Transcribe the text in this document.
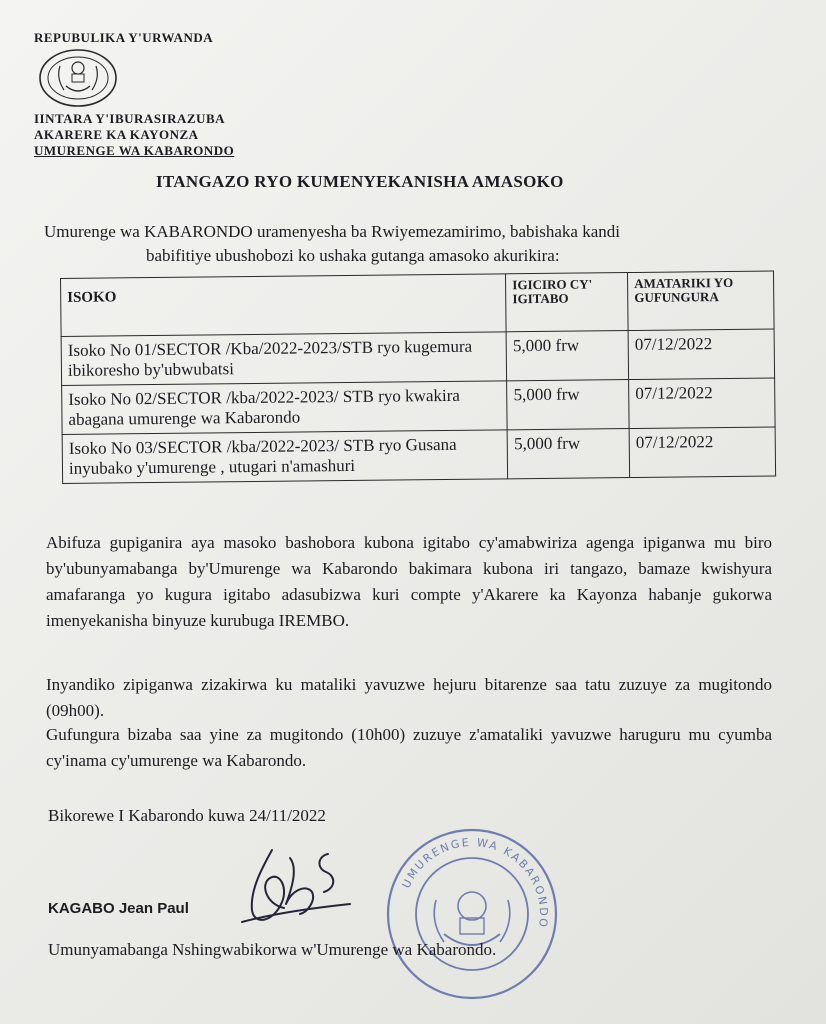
REPUBULIKA Y'URWANDA
IINTARA Y'IBURASIRAZUBA
AKARERE KA KAYONZA
UMURENGE WA KABARONDO
ITANGAZO RYO KUMENYEKANISHA AMASOKO
Umurenge wa KABARONDO uramenyesha ba Rwiyemezamirimo, babishaka kandi
babifitiye ubushobozi ko ushaka gutanga amasoko akurikira:
ISOKO	IGICIRO CY' IGITABO	AMATARIKI YO GUFUNGURA
Isoko No 01/SECTOR /Kba/2022-2023/STB ryo kugemura ibikoresho by'ubwubatsi	5,000 frw	07/12/2022
Isoko No 02/SECTOR /kba/2022-2023/ STB ryo kwakira abagana umurenge wa Kabarondo	5,000 frw	07/12/2022
Isoko No 03/SECTOR /kba/2022-2023/ STB ryo Gusana inyubako y'umurenge , utugari n'amashuri	5,000 frw	07/12/2022
Abifuza gupiganira aya masoko bashobora kubona igitabo cy'amabwiriza agenga ipiganwa mu biro by'ubunyamabanga by'Umurenge wa Kabarondo bakimara kubona iri tangazo, bamaze kwishyura amafaranga yo kugura igitabo adasubizwa kuri compte y'Akarere ka Kayonza habanje gukorwa imenyekanisha binyuze kurubuga IREMBO.
Inyandiko zipiganwa zizakirwa ku mataliki yavuzwe hejuru bitarenze saa tatu zuzuye za mugitondo (09h00).
Gufungura bizaba saa yine za mugitondo (10h00) zuzuye z'amataliki yavuzwe haruguru mu cyumba cy'inama cy'umurenge wa Kabarondo.
Bikorewe I Kabarondo kuwa 24/11/2022
UMURENGE WA KABARONDO
KAGABO Jean Paul
Umunyamabanga Nshingwabikorwa w'Umurenge wa Kabarondo.
